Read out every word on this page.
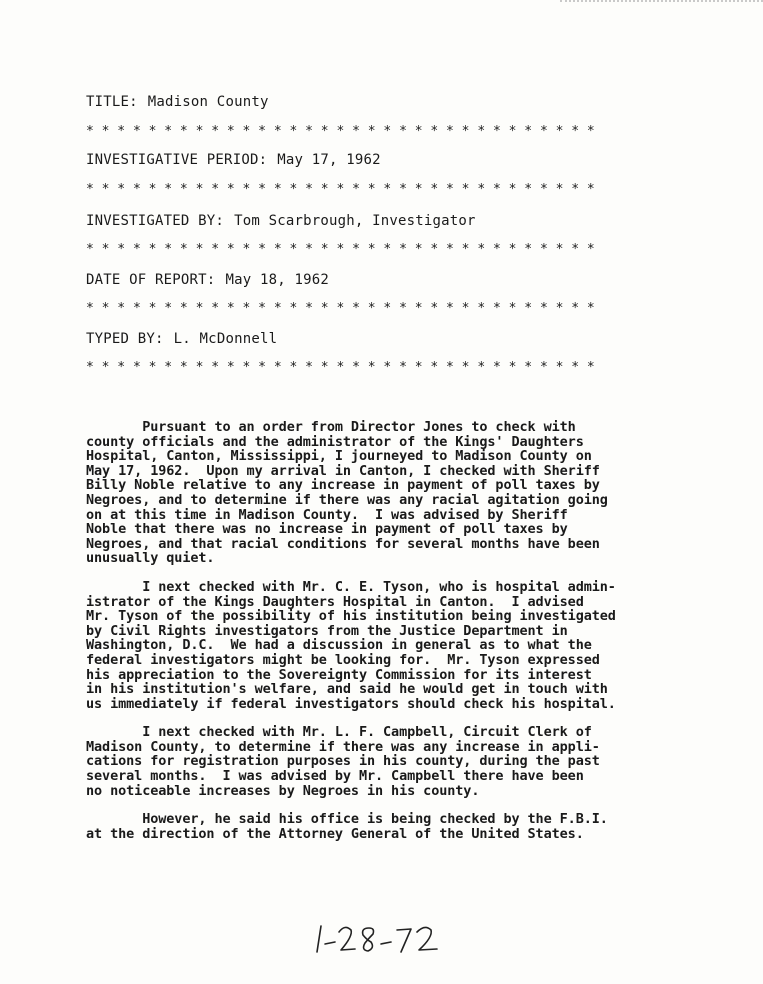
TITLE: Madison County
* * * * * * * * * * * * * * * * * * * * * * * * * * * * * * * * *
INVESTIGATIVE PERIOD: May 17, 1962
* * * * * * * * * * * * * * * * * * * * * * * * * * * * * * * * *
INVESTIGATED BY: Tom Scarbrough, Investigator
* * * * * * * * * * * * * * * * * * * * * * * * * * * * * * * * *
DATE OF REPORT: May 18, 1962
* * * * * * * * * * * * * * * * * * * * * * * * * * * * * * * * *
TYPED BY: L. McDonnell
* * * * * * * * * * * * * * * * * * * * * * * * * * * * * * * * *

Pursuant to an order from Director Jones to check with
county officials and the administrator of the Kings' Daughters
Hospital, Canton, Mississippi, I journeyed to Madison County on
May 17, 1962.  Upon my arrival in Canton, I checked with Sheriff
Billy Noble relative to any increase in payment of poll taxes by
Negroes, and to determine if there was any racial agitation going
on at this time in Madison County.  I was advised by Sheriff
Noble that there was no increase in payment of poll taxes by
Negroes, and that racial conditions for several months have been
unusually quiet.

I next checked with Mr. C. E. Tyson, who is hospital admin-
istrator of the Kings Daughters Hospital in Canton.  I advised
Mr. Tyson of the possibility of his institution being investigated
by Civil Rights investigators from the Justice Department in
Washington, D.C.  We had a discussion in general as to what the
federal investigators might be looking for.  Mr. Tyson expressed
his appreciation to the Sovereignty Commission for its interest
in his institution's welfare, and said he would get in touch with
us immediately if federal investigators should check his hospital.

I next checked with Mr. L. F. Campbell, Circuit Clerk of
Madison County, to determine if there was any increase in appli-
cations for registration purposes in his county, during the past
several months.  I was advised by Mr. Campbell there have been
no noticeable increases by Negroes in his county.

However, he said his office is being checked by the F.B.I.
at the direction of the Attorney General of the United States.
